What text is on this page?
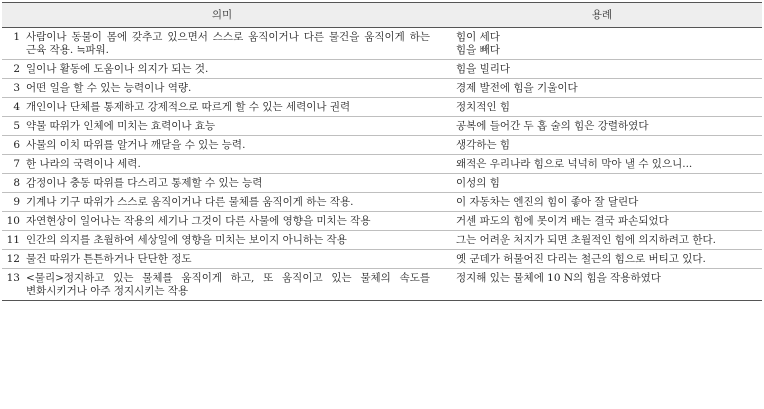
의미		용례
1	사람이나 동물이 몸에 갖추고 있으면서 스스로 움직이거나 다른 물건을 움직이게 하는 근육 작용. ≒파워.	힘이 세다
힘을 빼다

2	일이나 활동에 도움이나 의지가 되는 것.	힘을 빌리다

3	어떤 일을 할 수 있는 능력이나 역량.	경제 발전에 힘을 기울이다

4	개인이나 단체를 통제하고 강제적으로 따르게 할 수 있는 세력이나 권력	정치적인 힘

5	약물 따위가 인체에 미치는 효력이나 효능	공복에 들어간 두 홉 술의 힘은 강렬하였다

6	사물의 이치 따위를 알거나 깨닫을 수 있는 능력.	생각하는 힘

7	한 나라의 국력이나 세력.	왜적은 우리나라 힘으로 넉넉히 막아 낼 수 있으니...

8	감정이나 충동 따위를 다스리고 통제할 수 있는 능력	이성의 힘

9	기계나 기구 따위가 스스로 움직이거나 다른 물체를 움직이게 하는 작용.	이 자동차는 엔진의 힘이 좋아 잘 달린다

10	자연현상이 일어나는 작용의 세기나 그것이 다른 사물에 영향을 미치는 작용	거센 파도의 힘에 못이겨 배는 결국 파손되었다

11	인간의 의지를 초월하여 세상일에 영향을 미치는 보이지 아니하는 작용	그는 어려운 처지가 되면 초월적인 힘에 의지하려고 한다.

12	물건 따위가 튼튼하거나 단단한 정도	옛 군데가 허물어진 다리는 철근의 힘으로 버티고 있다.

13	<물리>정지하고 있는 물체를 움직이게 하고, 또 움직이고 있는 물체의 속도를 변화시키거나 아주 정지시키는 작용	정지해 있는 물체에 10 N의 힘을 작용하였다
